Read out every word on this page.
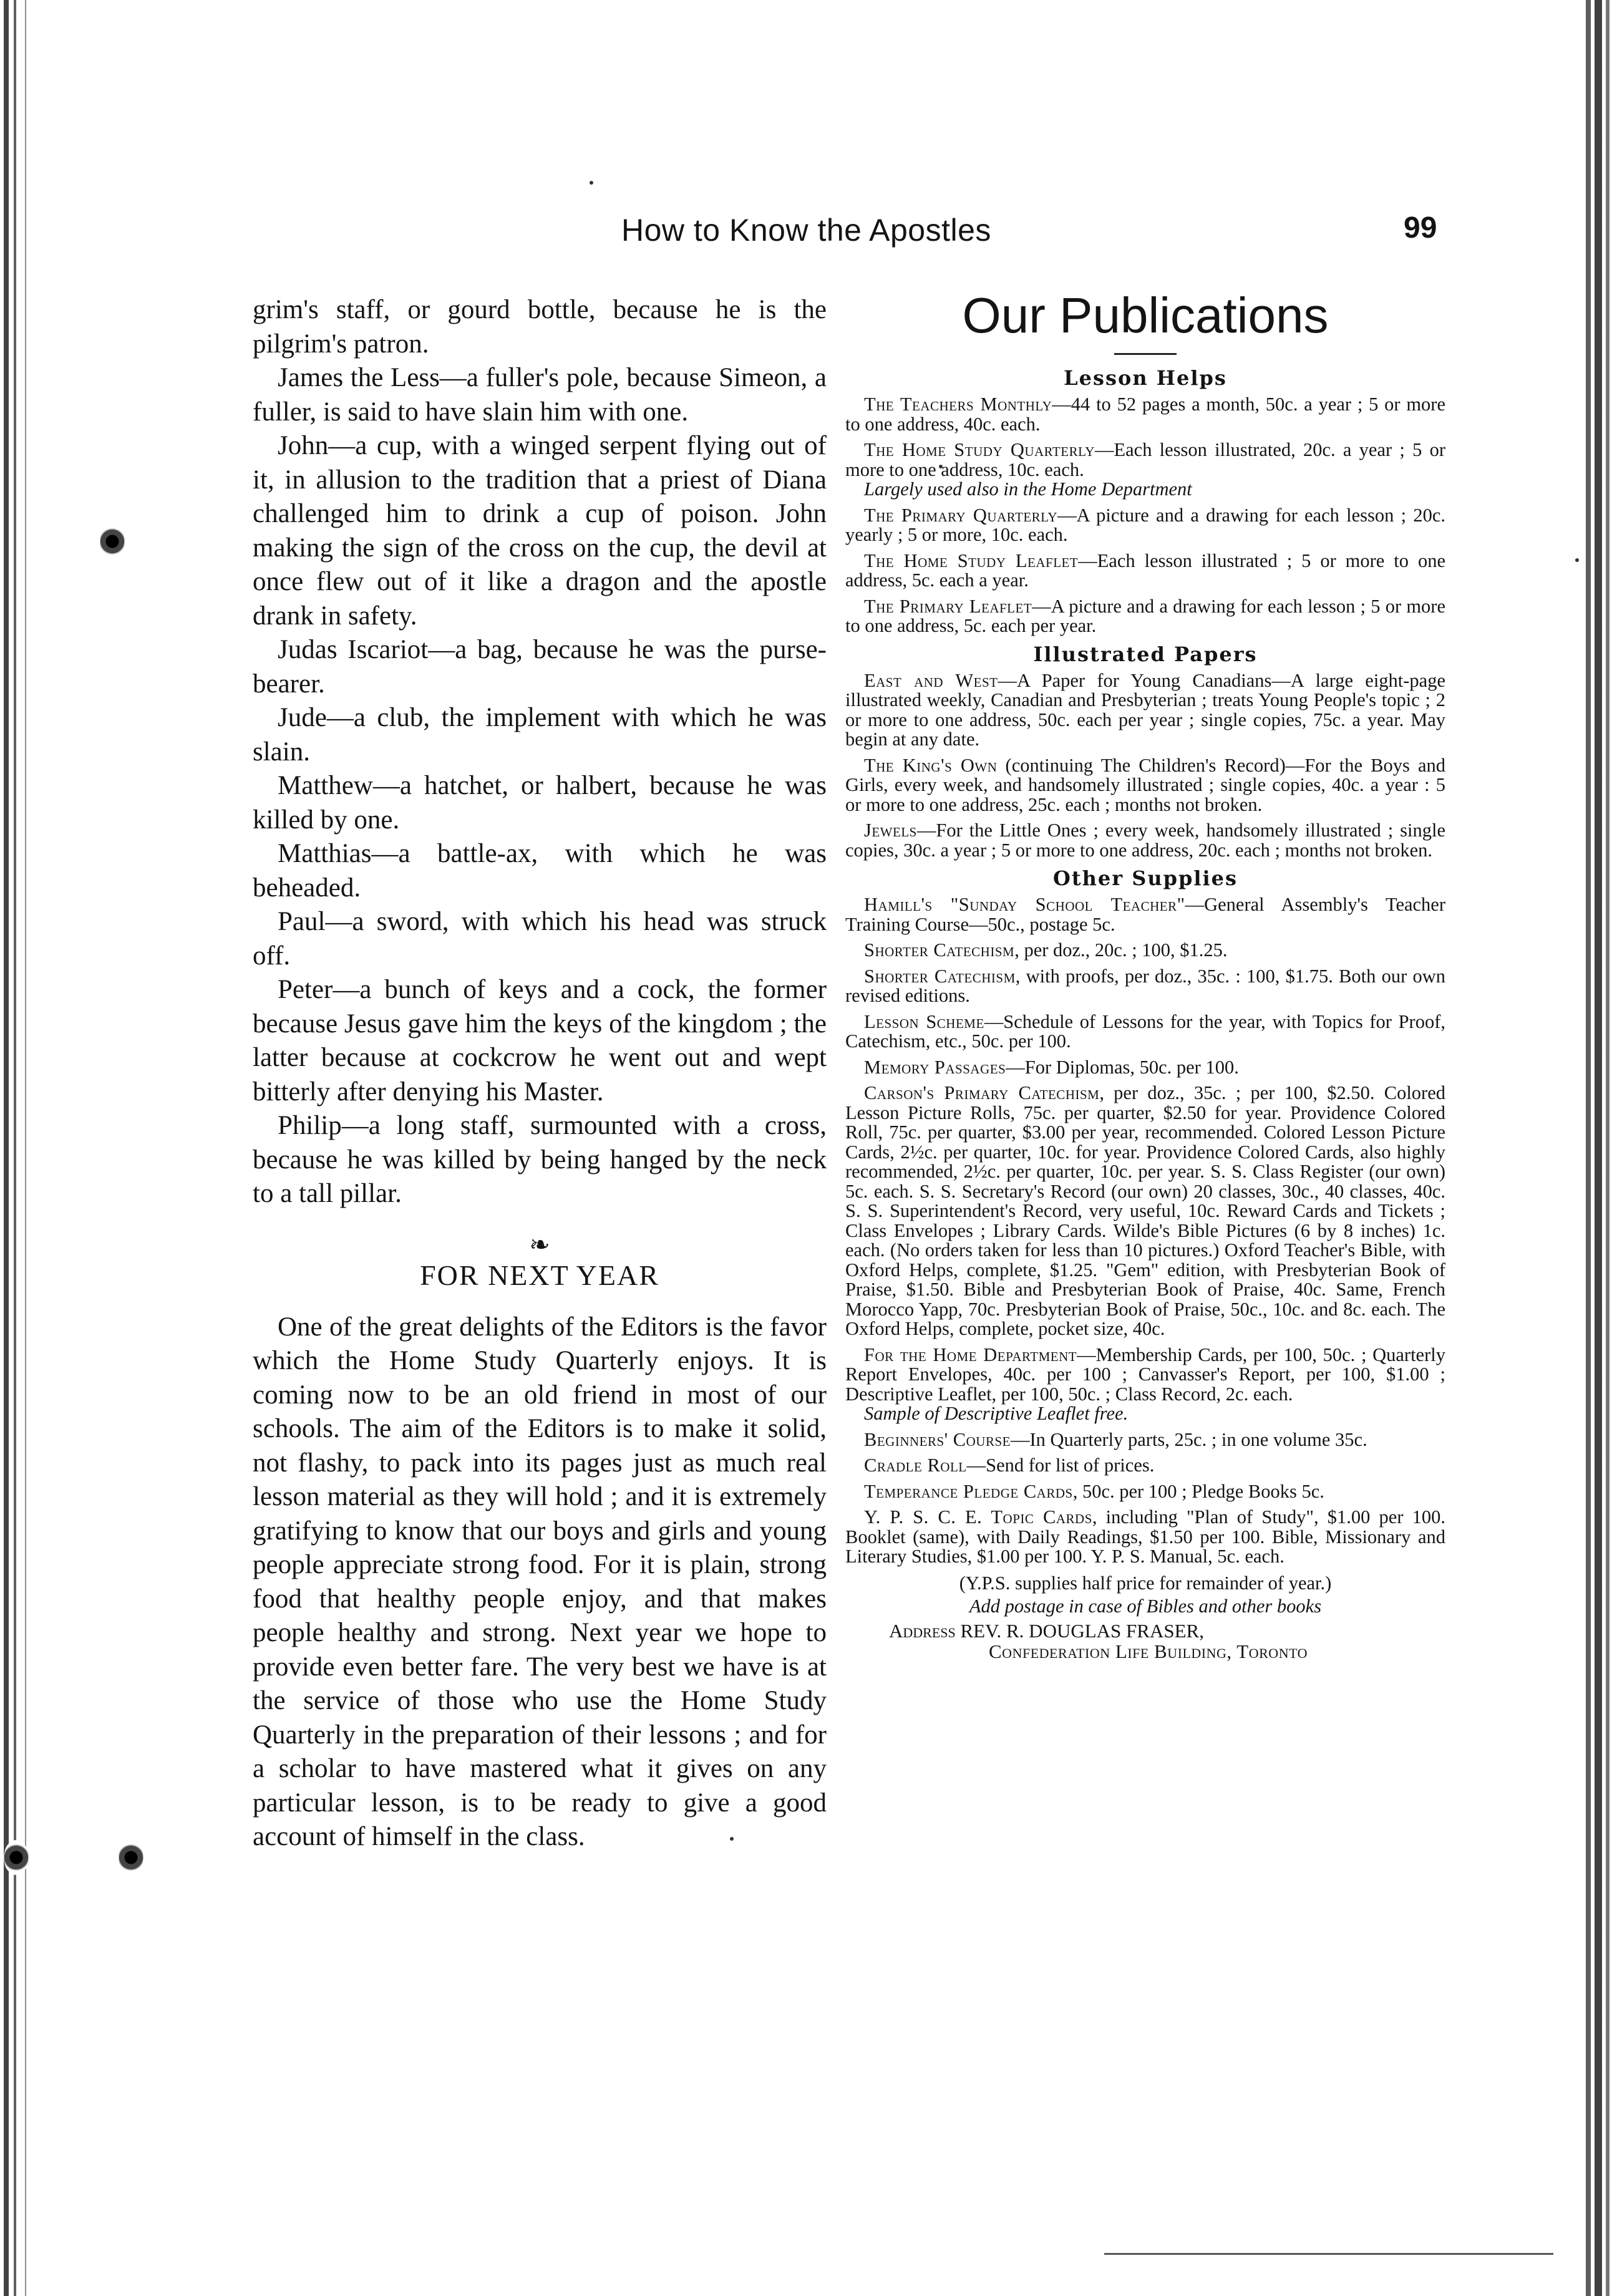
How to Know the Apostles	99

grim's staff, or gourd bottle, because he is the pilgrim's patron.

James the Less—a fuller's pole, because Simeon, a fuller, is said to have slain him with one.

John—a cup, with a winged serpent flying out of it, in allusion to the tradition that a priest of Diana challenged him to drink a cup of poison. John making the sign of the cross on the cup, the devil at once flew out of it like a dragon and the apostle drank in safety.

Judas Iscariot—a bag, because he was the purse-bearer.

Jude—a club, the implement with which he was slain.

Matthew—a hatchet, or halbert, because he was killed by one.

Matthias—a battle-ax, with which he was beheaded.

Paul—a sword, with which his head was struck off.

Peter—a bunch of keys and a cock, the former because Jesus gave him the keys of the kingdom ; the latter because at cockcrow he went out and wept bitterly after denying his Master.

Philip—a long staff, surmounted with a cross, because he was killed by being hanged by the neck to a tall pillar.

❧
FOR NEXT YEAR

One of the great delights of the Editors is the favor which the Home Study Quarterly enjoys. It is coming now to be an old friend in most of our schools. The aim of the Editors is to make it solid, not flashy, to pack into its pages just as much real lesson material as they will hold ; and it is extremely gratifying to know that our boys and girls and young people appreciate strong food. For it is plain, strong food that healthy people enjoy, and that makes people healthy and strong. Next year we hope to provide even better fare. The very best we have is at the service of those who use the Home Study Quarterly in the preparation of their lessons ; and for a scholar to have mastered what it gives on any particular lesson, is to be ready to give a good account of himself in the class.

Our Publications
Lesson Helps

The Teachers Monthly—44 to 52 pages a month, 50c. a year ; 5 or more to one address, 40c. each.

The Home Study Quarterly—Each lesson illustrated, 20c. a year ; 5 or more to one address, 10c. each.
Largely used also in the Home Department

The Primary Quarterly—A picture and a drawing for each lesson ; 20c. yearly ; 5 or more, 10c. each.

The Home Study Leaflet—Each lesson illustrated ; 5 or more to one address, 5c. each a year.

The Primary Leaflet—A picture and a drawing for each lesson ; 5 or more to one address, 5c. each per year.

Illustrated Papers

East and West—A Paper for Young Canadians—A large eight-page illustrated weekly, Canadian and Presbyterian ; treats Young People's topic ; 2 or more to one address, 50c. each per year ; single copies, 75c. a year. May begin at any date.

The King's Own (continuing The Children's Record)—For the Boys and Girls, every week, and handsomely illustrated ; single copies, 40c. a year : 5 or more to one address, 25c. each ; months not broken.

Jewels—For the Little Ones ; every week, handsomely illustrated ; single copies, 30c. a year ; 5 or more to one address, 20c. each ; months not broken.

Other Supplies

Hamill's "Sunday School Teacher"—General Assembly's Teacher Training Course—50c., postage 5c.

Shorter Catechism, per doz., 20c. ; 100, $1.25.

Shorter Catechism, with proofs, per doz., 35c. : 100, $1.75. Both our own revised editions.

Lesson Scheme—Schedule of Lessons for the year, with Topics for Proof, Catechism, etc., 50c. per 100.

Memory Passages—For Diplomas, 50c. per 100.

Carson's Primary Catechism, per doz., 35c. ; per 100, $2.50. Colored Lesson Picture Rolls, 75c. per quarter, $2.50 for year. Providence Colored Roll, 75c. per quarter, $3.00 per year, recommended. Colored Lesson Picture Cards, 2½c. per quarter, 10c. for year. Providence Colored Cards, also highly recommended, 2½c. per quarter, 10c. per year. S. S. Class Register (our own) 5c. each. S. S. Secretary's Record (our own) 20 classes, 30c., 40 classes, 40c. S. S. Superintendent's Record, very useful, 10c. Reward Cards and Tickets ; Class Envelopes ; Library Cards. Wilde's Bible Pictures (6 by 8 inches) 1c. each. (No orders taken for less than 10 pictures.) Oxford Teacher's Bible, with Oxford Helps, complete, $1.25. "Gem" edition, with Presbyterian Book of Praise, $1.50. Bible and Presbyterian Book of Praise, 40c. Same, French Morocco Yapp, 70c. Presbyterian Book of Praise, 50c., 10c. and 8c. each. The Oxford Helps, complete, pocket size, 40c.

For the Home Department—Membership Cards, per 100, 50c. ; Quarterly Report Envelopes, 40c. per 100 ; Canvasser's Report, per 100, $1.00 ; Descriptive Leaflet, per 100, 50c. ; Class Record, 2c. each.
Sample of Descriptive Leaflet free.

Beginners' Course—In Quarterly parts, 25c. ; in one volume 35c.

Cradle Roll—Send for list of prices.

Temperance Pledge Cards, 50c. per 100 ; Pledge Books 5c.

Y. P. S. C. E. Topic Cards, including "Plan of Study", $1.00 per 100. Booklet (same), with Daily Readings, $1.50 per 100. Bible, Missionary and Literary Studies, $1.00 per 100. Y. P. S. Manual, 5c. each.

(Y.P.S. supplies half price for remainder of year.)
Add postage in case of Bibles and other books
Address REV. R. DOUGLAS FRASER,
Confederation Life Building, Toronto
